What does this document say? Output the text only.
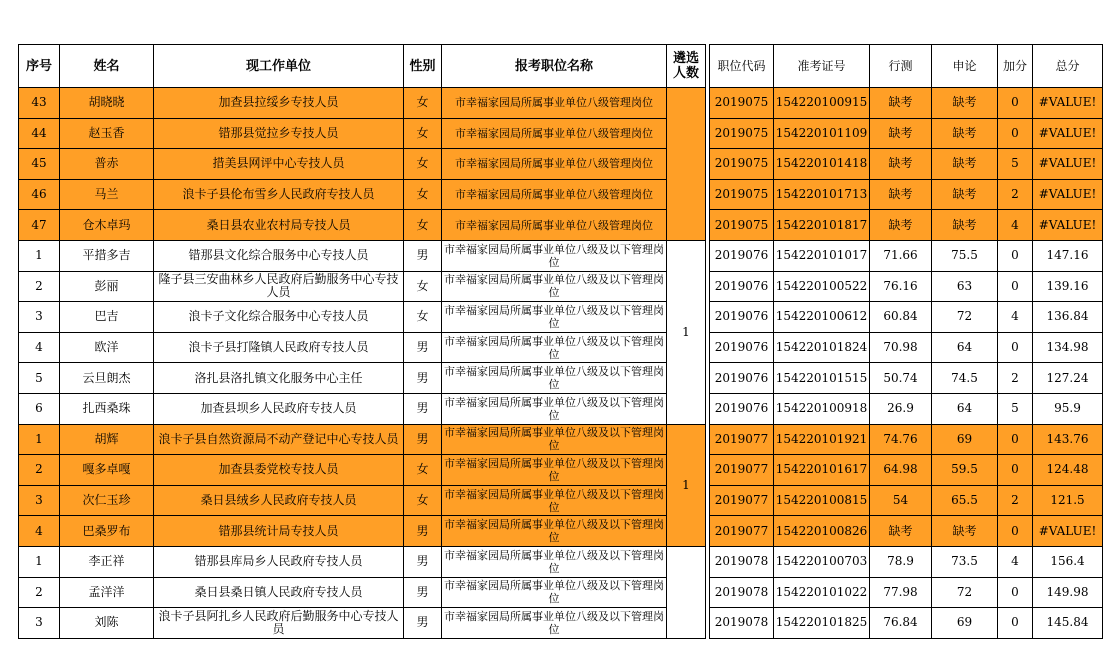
序号	姓名	现工作单位	性别	报考职位名称	遴选人数		职位代码	准考证号	行测	申论	加分	总分
43	胡晓晓	加查县拉绥乡专技人员	女	市幸福家园局所属事业单位八级管理岗位			2019075	154220100915	缺考	缺考	0	#VALUE!
44	赵玉香	错那县觉拉乡专技人员	女	市幸福家园局所属事业单位八级管理岗位			2019075	154220101109	缺考	缺考	0	#VALUE!
45	普赤	措美县网评中心专技人员	女	市幸福家园局所属事业单位八级管理岗位			2019075	154220101418	缺考	缺考	5	#VALUE!
46	马兰	浪卡子县伦布雪乡人民政府专技人员	女	市幸福家园局所属事业单位八级管理岗位			2019075	154220101713	缺考	缺考	2	#VALUE!
47	仓木卓玛	桑日县农业农村局专技人员	女	市幸福家园局所属事业单位八级管理岗位			2019075	154220101817	缺考	缺考	4	#VALUE!
1	平措多吉	错那县文化综合服务中心专技人员	男	市幸福家园局所属事业单位八级及以下管理岗位	1		2019076	154220101017	71.66	75.5	0	147.16
2	彭丽	隆子县三安曲林乡人民政府后勤服务中心专技人员	女	市幸福家园局所属事业单位八级及以下管理岗位			2019076	154220100522	76.16	63	0	139.16
3	巴吉	浪卡子文化综合服务中心专技人员	女	市幸福家园局所属事业单位八级及以下管理岗位			2019076	154220100612	60.84	72	4	136.84
4	欧洋	浪卡子县打隆镇人民政府专技人员	男	市幸福家园局所属事业单位八级及以下管理岗位			2019076	154220101824	70.98	64	0	134.98
5	云旦朗杰	洛扎县洛扎镇文化服务中心主任	男	市幸福家园局所属事业单位八级及以下管理岗位			2019076	154220101515	50.74	74.5	2	127.24
6	扎西桑珠	加查县坝乡人民政府专技人员	男	市幸福家园局所属事业单位八级及以下管理岗位			2019076	154220100918	26.9	64	5	95.9
1	胡辉	浪卡子县自然资源局不动产登记中心专技人员	男	市幸福家园局所属事业单位八级及以下管理岗位	1		2019077	154220101921	74.76	69	0	143.76
2	嘎多卓嘎	加查县委党校专技人员	女	市幸福家园局所属事业单位八级及以下管理岗位			2019077	154220101617	64.98	59.5	0	124.48
3	次仁玉珍	桑日县绒乡人民政府专技人员	女	市幸福家园局所属事业单位八级及以下管理岗位			2019077	154220100815	54	65.5	2	121.5
4	巴桑罗布	错那县统计局专技人员	男	市幸福家园局所属事业单位八级及以下管理岗位			2019077	154220100826	缺考	缺考	0	#VALUE!
1	李正祥	错那县库局乡人民政府专技人员	男	市幸福家园局所属事业单位八级及以下管理岗位			2019078	154220100703	78.9	73.5	4	156.4
2	孟洋洋	桑日县桑日镇人民政府专技人员	男	市幸福家园局所属事业单位八级及以下管理岗位			2019078	154220101022	77.98	72	0	149.98
3	刘陈	浪卡子县阿扎乡人民政府后勤服务中心专技人员	男	市幸福家园局所属事业单位八级及以下管理岗位			2019078	154220101825	76.84	69	0	145.84
